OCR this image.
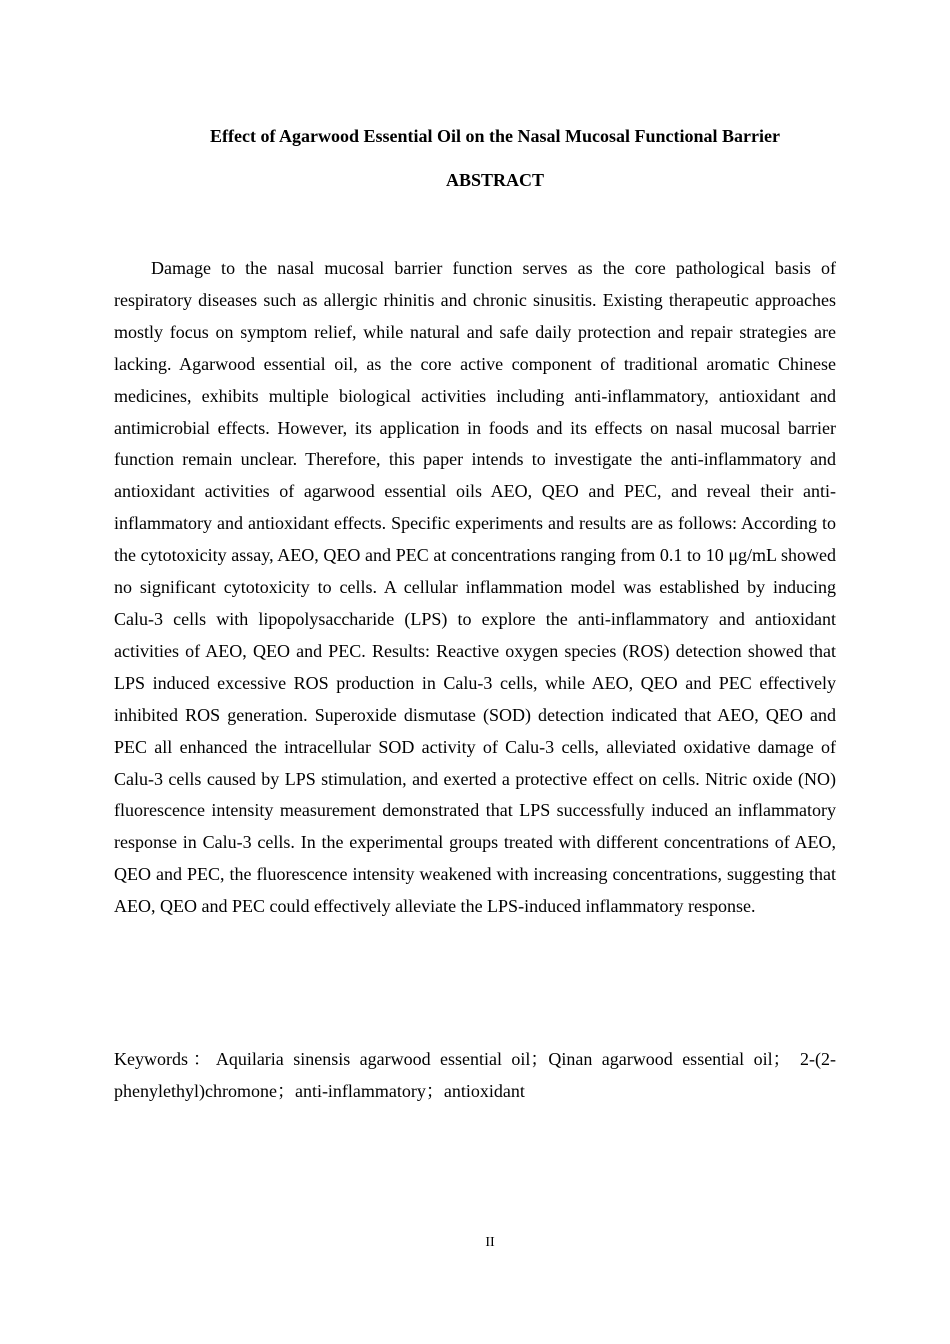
Effect of Agarwood Essential Oil on the Nasal Mucosal Functional Barrier
ABSTRACT

Damage to the nasal mucosal barrier function serves as the core pathological basis of respiratory diseases such as allergic rhinitis and chronic sinusitis. Existing therapeutic approaches mostly focus on symptom relief, while natural and safe daily protection and repair strategies are lacking. Agarwood essential oil, as the core active component of traditional aromatic Chinese medicines, exhibits multiple biological activities including anti-inflammatory, antioxidant and antimicrobial effects. However, its application in foods and its effects on nasal mucosal barrier function remain unclear. Therefore, this paper intends to investigate the anti-inflammatory and antioxidant activities of agarwood essential oils AEO, QEO and PEC, and reveal their anti-inflammatory and antioxidant effects. Specific experiments and results are as follows: According to the cytotoxicity assay, AEO, QEO and PEC at concentrations ranging from 0.1 to 10 μg/mL showed no significant cytotoxicity to cells. A cellular inflammation model was established by inducing Calu-3 cells with lipopolysaccharide (LPS) to explore the anti-inflammatory and antioxidant activities of AEO, QEO and PEC. Results: Reactive oxygen species (ROS) detection showed that LPS induced excessive ROS production in Calu-3 cells, while AEO, QEO and PEC effectively inhibited ROS generation. Superoxide dismutase (SOD) detection indicated that AEO, QEO and PEC all enhanced the intracellular SOD activity of Calu-3 cells, alleviated oxidative damage of Calu-3 cells caused by LPS stimulation, and exerted a protective effect on cells. Nitric oxide (NO) fluorescence intensity measurement demonstrated that LPS successfully induced an inflammatory response in Calu-3 cells. In the experimental groups treated with different concentrations of AEO, QEO and PEC, the fluorescence intensity weakened with increasing concentrations, suggesting that AEO, QEO and PEC could effectively alleviate the LPS-induced inflammatory response.

Keywords：Aquilaria sinensis agarwood essential oil；Qinan agarwood essential oil； 2-(2-phenylethyl)chromone；anti-inflammatory；antioxidant

II
